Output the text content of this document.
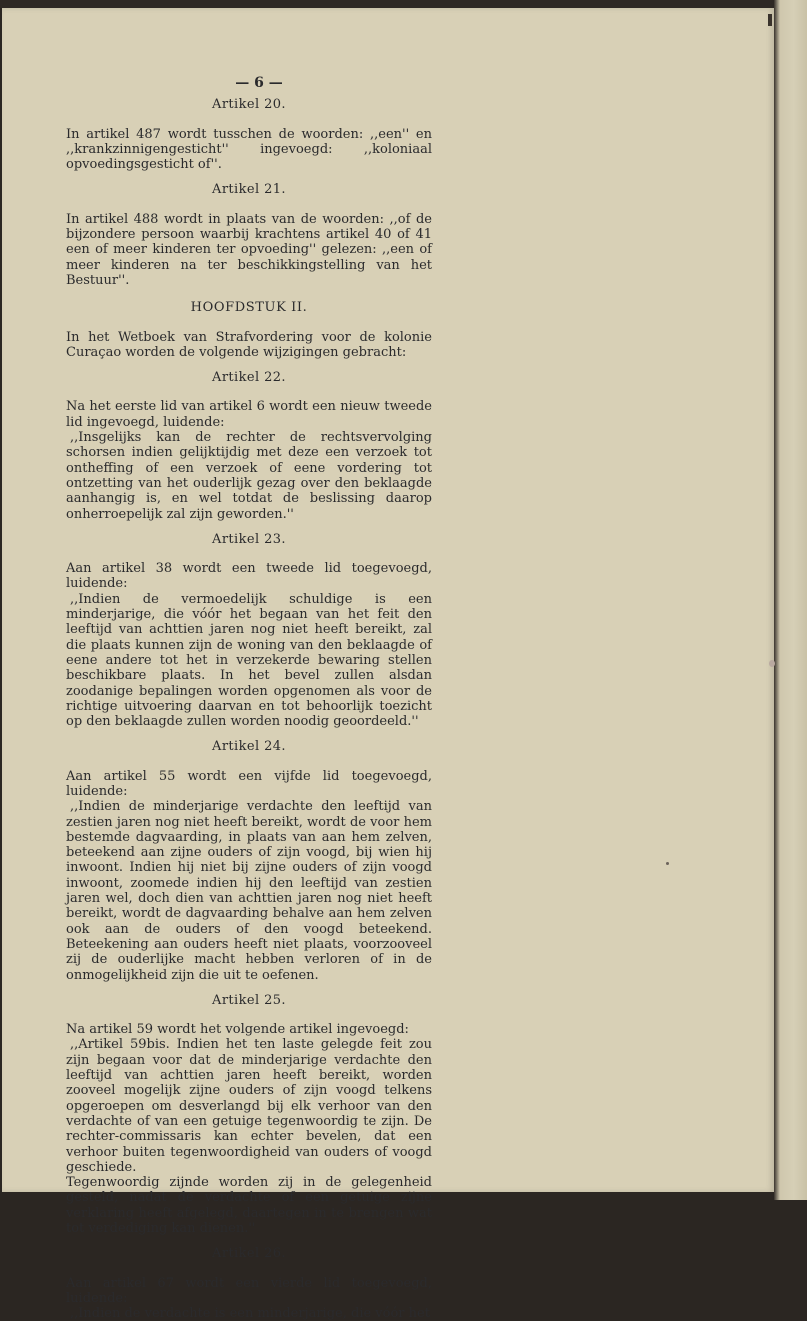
— 6 —
Artikel 20.
In artikel 487 wordt tusschen de woorden: ,,een'' en ,,krankzinnigengesticht'' ingevoegd: ,,koloniaal opvoedingsgesticht of''.
Artikel 21.
In artikel 488 wordt in plaats van de woorden: ,,of de bijzondere persoon waarbij krachtens artikel 40 of 41 een of meer kinderen ter opvoeding'' gelezen: ,,een of meer kinderen na ter beschikkingstelling van het Bestuur''.
HOOFDSTUK II.
In het Wetboek van Strafvordering voor de kolonie Curaçao worden de volgende wijzigingen gebracht:
Artikel 22.
Na het eerste lid van artikel 6 wordt een nieuw tweede lid ingevoegd, luidende:
,,Insgelijks kan de rechter de rechtsvervolging schorsen indien gelijktijdig met deze een verzoek tot ontheffing of een verzoek of eene vordering tot ontzetting van het ouderlijk gezag over den beklaagde aanhangig is, en wel totdat de beslissing daarop onherroepelijk zal zijn geworden.''
Artikel 23.
Aan artikel 38 wordt een tweede lid toegevoegd, luidende:
,,Indien de vermoedelijk schuldige is een minderjarige, die vóór het begaan van het feit den leeftijd van achttien jaren nog niet heeft bereikt, zal die plaats kunnen zijn de woning van den beklaagde of eene andere tot het in verzekerde bewaring stellen beschikbare plaats. In het bevel zullen alsdan zoodanige bepalingen worden opgenomen als voor de richtige uitvoering daarvan en tot behoorlijk toezicht op den beklaagde zullen worden noodig geoordeeld.''
Artikel 24.
Aan artikel 55 wordt een vijfde lid toegevoegd, luidende:
,,Indien de minderjarige verdachte den leeftijd van zestien jaren nog niet heeft bereikt, wordt de voor hem bestemde dagvaarding, in plaats van aan hem zelven, beteekend aan zijne ouders of zijn voogd, bij wien hij inwoont. Indien hij niet bij zijne ouders of zijn voogd inwoont, zoomede indien hij den leeftijd van zestien jaren wel, doch dien van achttien jaren nog niet heeft bereikt, wordt de dagvaarding behalve aan hem zelven ook aan de ouders of den voogd beteekend. Beteekening aan ouders heeft niet plaats, voorzooveel zij de ouderlijke macht hebben verloren of in de onmogelijkheid zijn die uit te oefenen.
Artikel 25.
Na artikel 59 wordt het volgende artikel ingevoegd:
,,Artikel 59bis. Indien het ten laste gelegde feit zou zijn begaan voor dat de minderjarige verdachte den leeftijd van achttien jaren heeft bereikt, worden zooveel mogelijk zijne ouders of zijn voogd telkens opgeroepen om desverlangd bij elk verhoor van den verdachte of van een getuige tegenwoordig te zijn. De rechter-commissaris kan echter bevelen, dat een verhoor buiten tegenwoordigheid van ouders of voogd geschiede.
Tegenwoordig zijnde worden zij in de gelegenheid gesteld, nadat de verdachte of een getuige zijne verklaring heeft afgelegd, daartegen in te brengen wat tot verdediging kan dienen.''
Artikel 26.
Aan artikel 67 wordt een vierde lid toegevoegd, luidende:
,,Indien de verdachte is een minderjarige, die vóór het
